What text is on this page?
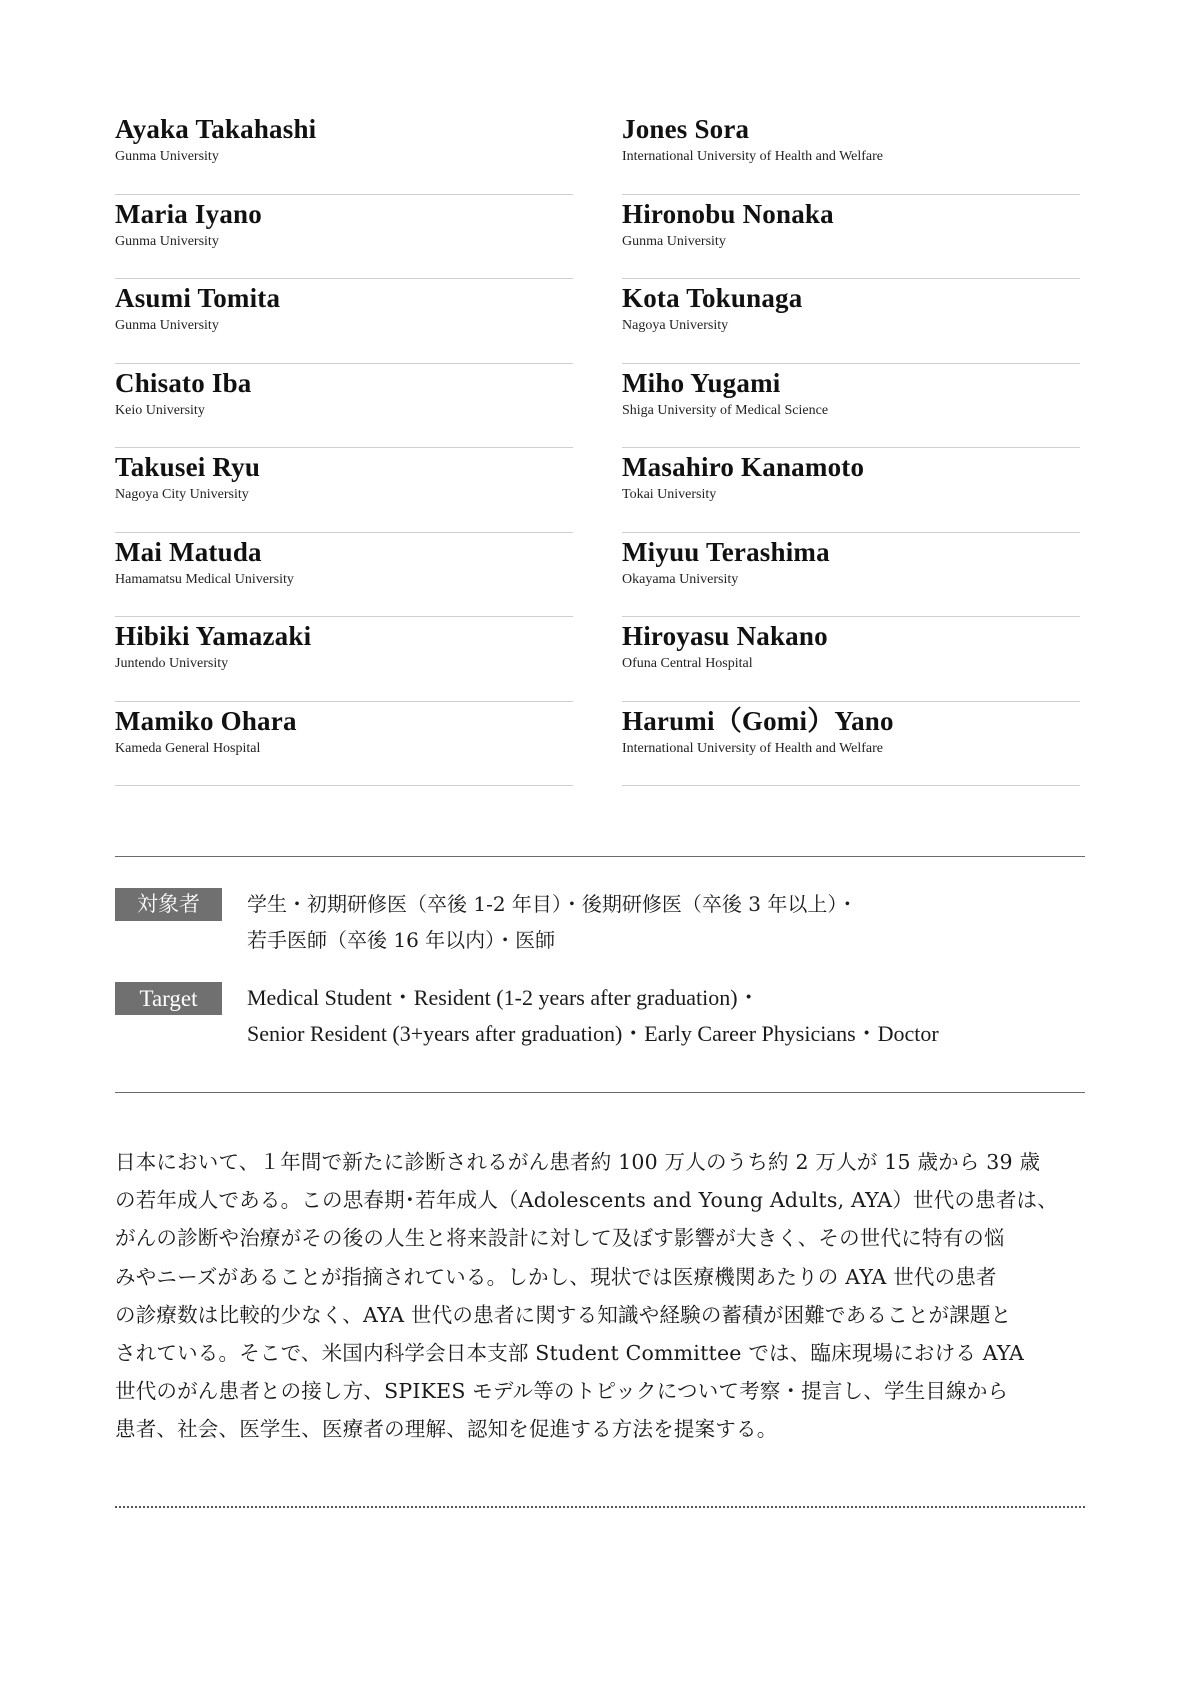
Ayaka Takahashi
Gunma University
Maria Iyano
Gunma University
Asumi Tomita
Gunma University
Chisato Iba
Keio University
Takusei Ryu
Nagoya City University
Mai Matuda
Hamamatsu Medical University
Hibiki Yamazaki
Juntendo University
Mamiko Ohara
Kameda General Hospital
Jones Sora
International University of Health and Welfare
Hironobu Nonaka
Gunma University
Kota Tokunaga
Nagoya University
Miho Yugami
Shiga University of Medical Science
Masahiro Kanamoto
Tokai University
Miyuu Terashima
Okayama University
Hiroyasu Nakano
Ofuna Central Hospital
Harumi（Gomi）Yano
International University of Health and Welfare
対象者	学生・初期研修医（卒後 1-2 年目）・後期研修医（卒後 3 年以上）・
若手医師（卒後 16 年以内）・医師
Target	Medical Student・Resident (1-2 years after graduation)・
Senior Resident (3+years after graduation)・Early Career Physicians・Doctor
日本において、１年間で新たに診断されるがん患者約 100 万人のうち約 2 万人が 15 歳から 39 歳
の若年成人である。この思春期･若年成人（Adolescents and Young Adults, AYA）世代の患者は、
がんの診断や治療がその後の人生と将来設計に対して及ぼす影響が大きく、その世代に特有の悩
みやニーズがあることが指摘されている。しかし、現状では医療機関あたりの AYA 世代の患者
の診療数は比較的少なく、AYA 世代の患者に関する知識や経験の蓄積が困難であることが課題と
されている。そこで、米国内科学会日本支部 Student Committee では、臨床現場における AYA
世代のがん患者との接し方、SPIKES モデル等のトピックについて考察・提言し、学生目線から
患者、社会、医学生、医療者の理解、認知を促進する方法を提案する。
